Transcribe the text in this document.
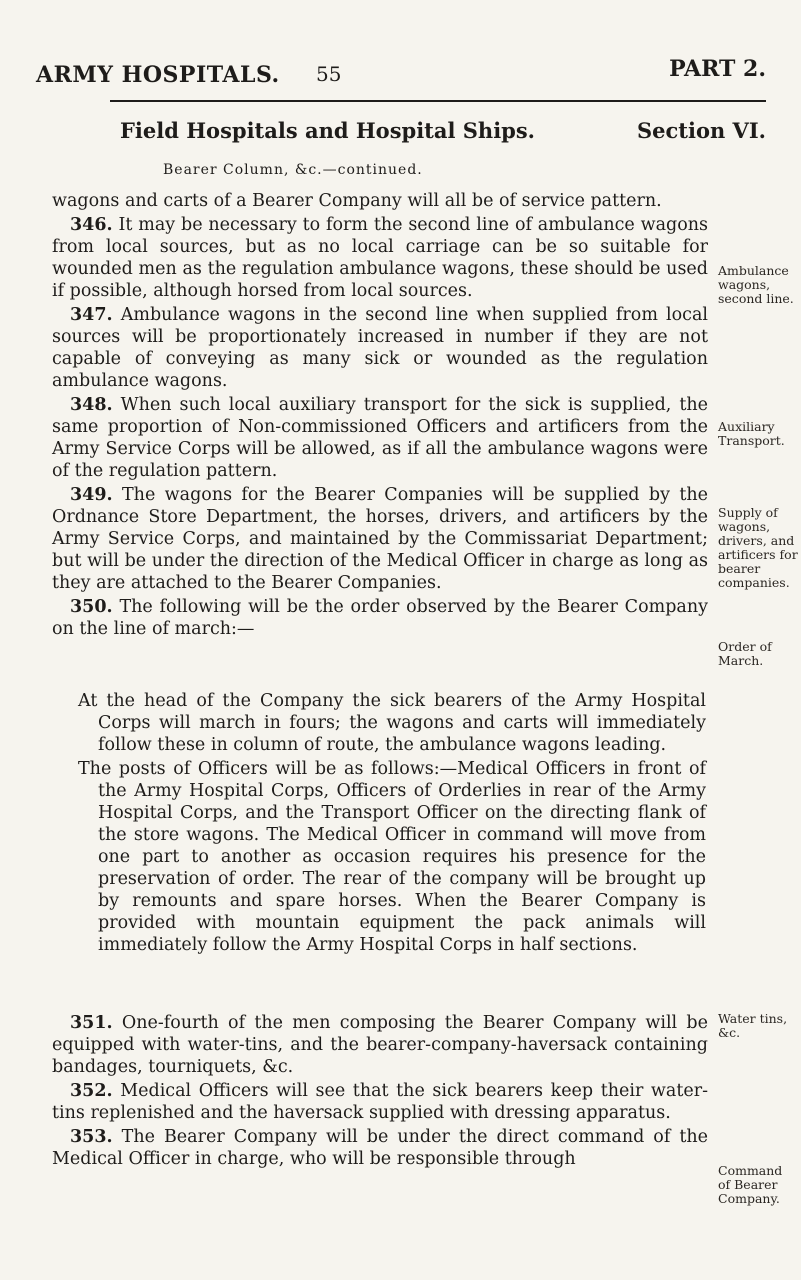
ARMY HOSPITALS. 55	PART 2.
Field Hospitals and Hospital Ships.	Section VI.
Bearer Column, &c.—continued.

wagons and carts of a Bearer Company will all be of service pattern.

346. It may be necessary to form the second line of ambulance wagons from local sources, but as no local carriage can be so suitable for wounded men as the regulation ambulance wagons, these should be used if possible, although horsed from local sources.

347. Ambulance wagons in the second line when supplied from local sources will be proportionately increased in number if they are not capable of conveying as many sick or wounded as the regulation ambulance wagons.

348. When such local auxiliary transport for the sick is supplied, the same proportion of Non-commissioned Officers and artificers from the Army Service Corps will be allowed, as if all the ambulance wagons were of the regulation pattern.

349. The wagons for the Bearer Companies will be supplied by the Ordnance Store Department, the horses, drivers, and artificers by the Army Service Corps, and maintained by the Commissariat Department; but will be under the direction of the Medical Officer in charge as long as they are attached to the Bearer Companies.

350. The following will be the order observed by the Bearer Company on the line of march:—

At the head of the Company the sick bearers of the Army Hospital Corps will march in fours; the wagons and carts will immediately follow these in column of route, the ambulance wagons leading.

The posts of Officers will be as follows:—Medical Officers in front of the Army Hospital Corps, Officers of Orderlies in rear of the Army Hospital Corps, and the Transport Officer on the directing flank of the store wagons. The Medical Officer in command will move from one part to another as occasion requires his presence for the preservation of order. The rear of the company will be brought up by remounts and spare horses. When the Bearer Company is provided with mountain equipment the pack animals will immediately follow the Army Hospital Corps in half sections.

351. One-fourth of the men composing the Bearer Company will be equipped with water-tins, and the bearer-company-haversack containing bandages, tourniquets, &c.

352. Medical Officers will see that the sick bearers keep their water-tins replenished and the haversack supplied with dressing apparatus.

353. The Bearer Company will be under the direct command of the Medical Officer in charge, who will be responsible through

Ambulance wagons, second line.
Auxiliary Transport.
Supply of wagons, drivers, and artificers for bearer companies.
Order of March.
Water tins, &c.
Command of Bearer Company.
